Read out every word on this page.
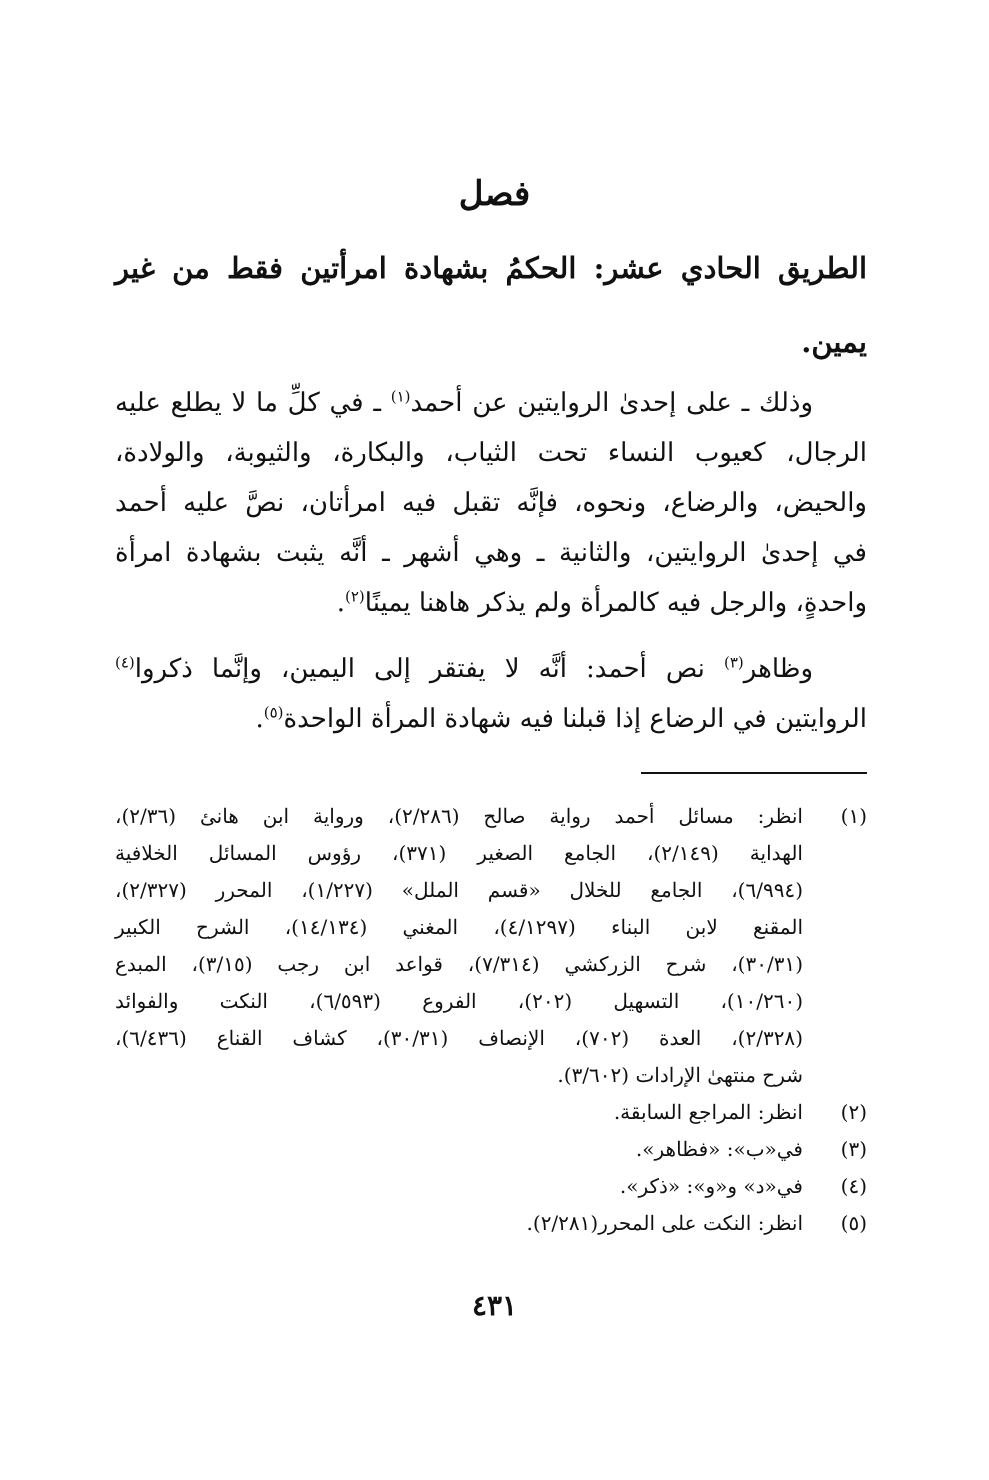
فصل
الطريق الحادي عشر: الحكمُ بشهادة امرأتين فقط من غير
يمين.
وذلك ـ على إحدىٰ الروايتين عن أحمد$^{(١)}$ ـ في كلِّ ما لا يطلع عليه
الرجال، كعيوب النساء تحت الثياب، والبكارة، والثيوبة، والولادة،
والحيض، والرضاع، ونحوه، فإنَّه تقبل فيه امرأتان، نصَّ عليه أحمد
في إحدىٰ الروايتين، والثانية ـ وهي أشهر ـ أنَّه يثبت بشهادة امرأة
واحدةٍ، والرجل فيه كالمرأة ولم يذكر هاهنا يمينًا$^{(٢)}$.
وظاهر$^{(٣)}$ نص أحمد: أنَّه لا يفتقر إلى اليمين، وإنَّما ذكروا$^{(٤)}$
الروايتين في الرضاع إذا قبلنا فيه شهادة المرأة الواحدة$^{(٥)}$.
(١)
انظر: مسائل أحمد رواية صالح (٢/٢٨٦)، ورواية ابن هانئ (٢/٣٦)،
الهداية (٢/١٤٩)، الجامع الصغير (٣٧١)، رؤوس المسائل الخلافية
(٦/٩٩٤)، الجامع للخلال «قسم الملل» (١/٢٢٧)، المحرر (٢/٣٢٧)،
المقنع لابن البناء (٤/١٢٩٧)، المغني (١٤/١٣٤)، الشرح الكبير
(٣٠/٣١)، شرح الزركشي (٧/٣١٤)، قواعد ابن رجب (٣/١٥)، المبدع
(١٠/٢٦٠)، التسهيل (٢٠٢)، الفروع (٦/٥٩٣)، النكت والفوائد
(٢/٣٢٨)، العدة (٧٠٢)، الإنصاف (٣٠/٣١)، كشاف القناع (٦/٤٣٦)،
شرح منتهىٰ الإرادات (٣/٦٠٢).
(٢)
انظر: المراجع السابقة.
(٣)
في«ب»: «فظاهر».
(٤)
في«د» و«و»: «ذكر».
(٥)
انظر: النكت على المحرر(٢/٢٨١).
٤٣١
